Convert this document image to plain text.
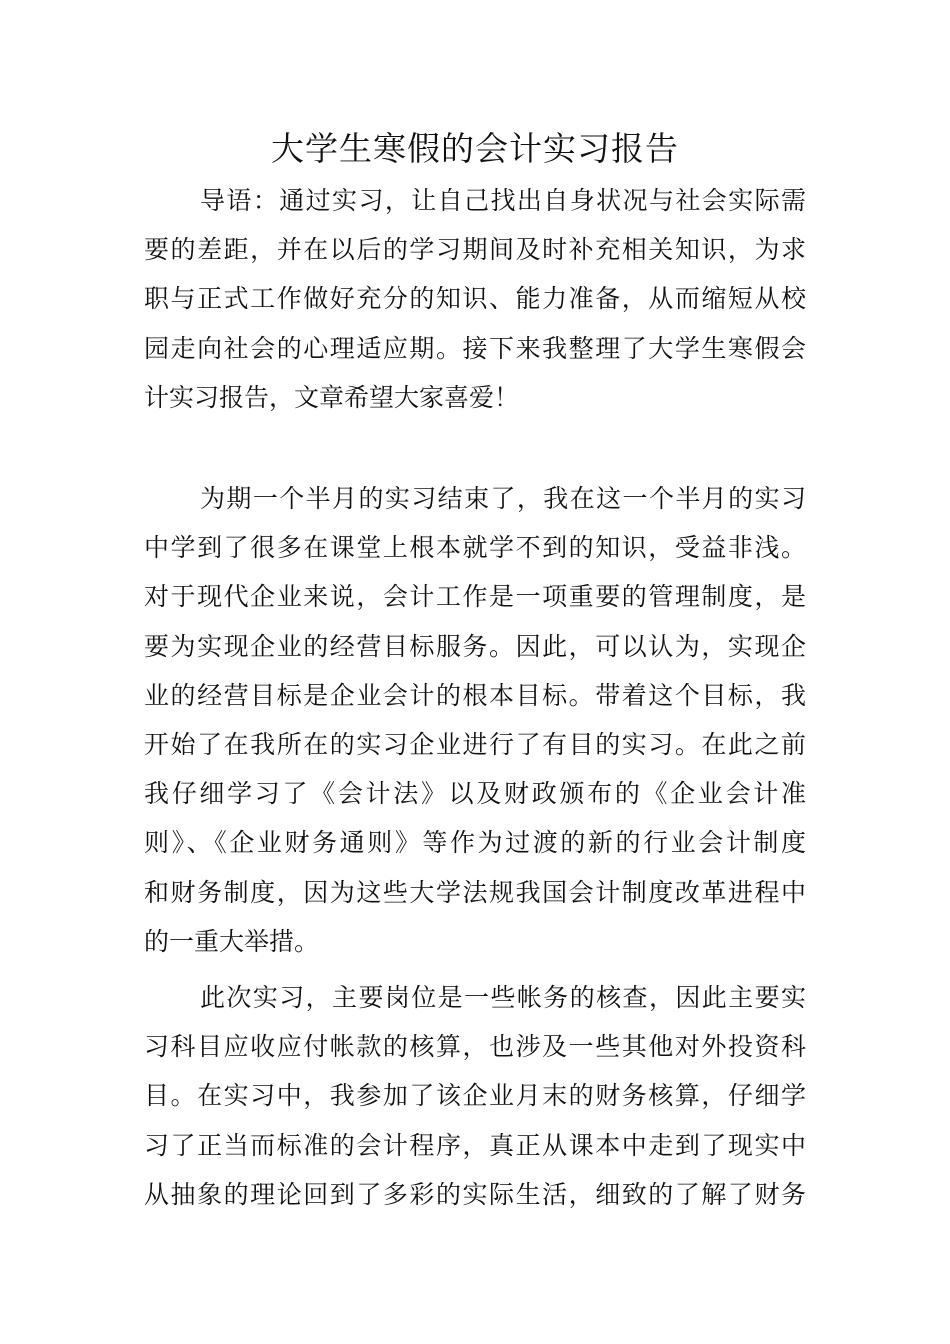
大学生寒假的会计实习报告
导语：通过实习，让自己找出自身状况与社会实际需
要的差距，并在以后的学习期间及时补充相关知识，为求
职与正式工作做好充分的知识、能力准备，从而缩短从校
园走向社会的心理适应期。接下来我整理了大学生寒假会
计实习报告，文章希望大家喜爱！
为期一个半月的实习结束了，我在这一个半月的实习
中学到了很多在课堂上根本就学不到的知识，受益非浅。
对于现代企业来说，会计工作是一项重要的管理制度，是
要为实现企业的经营目标服务。因此，可以认为，实现企
业的经营目标是企业会计的根本目标。带着这个目标，我
开始了在我所在的实习企业进行了有目的实习。在此之前
我仔细学习了《会计法》以及财政颁布的《企业会计准
则》、《企业财务通则》等作为过渡的新的行业会计制度
和财务制度，因为这些大学法规我国会计制度改革进程中
的一重大举措。
此次实习，主要岗位是一些帐务的核查，因此主要实
习科目应收应付帐款的核算，也涉及一些其他对外投资科
目。在实习中，我参加了该企业月末的财务核算，仔细学
习了正当而标准的会计程序，真正从课本中走到了现实中
从抽象的理论回到了多彩的实际生活，细致的了解了财务
